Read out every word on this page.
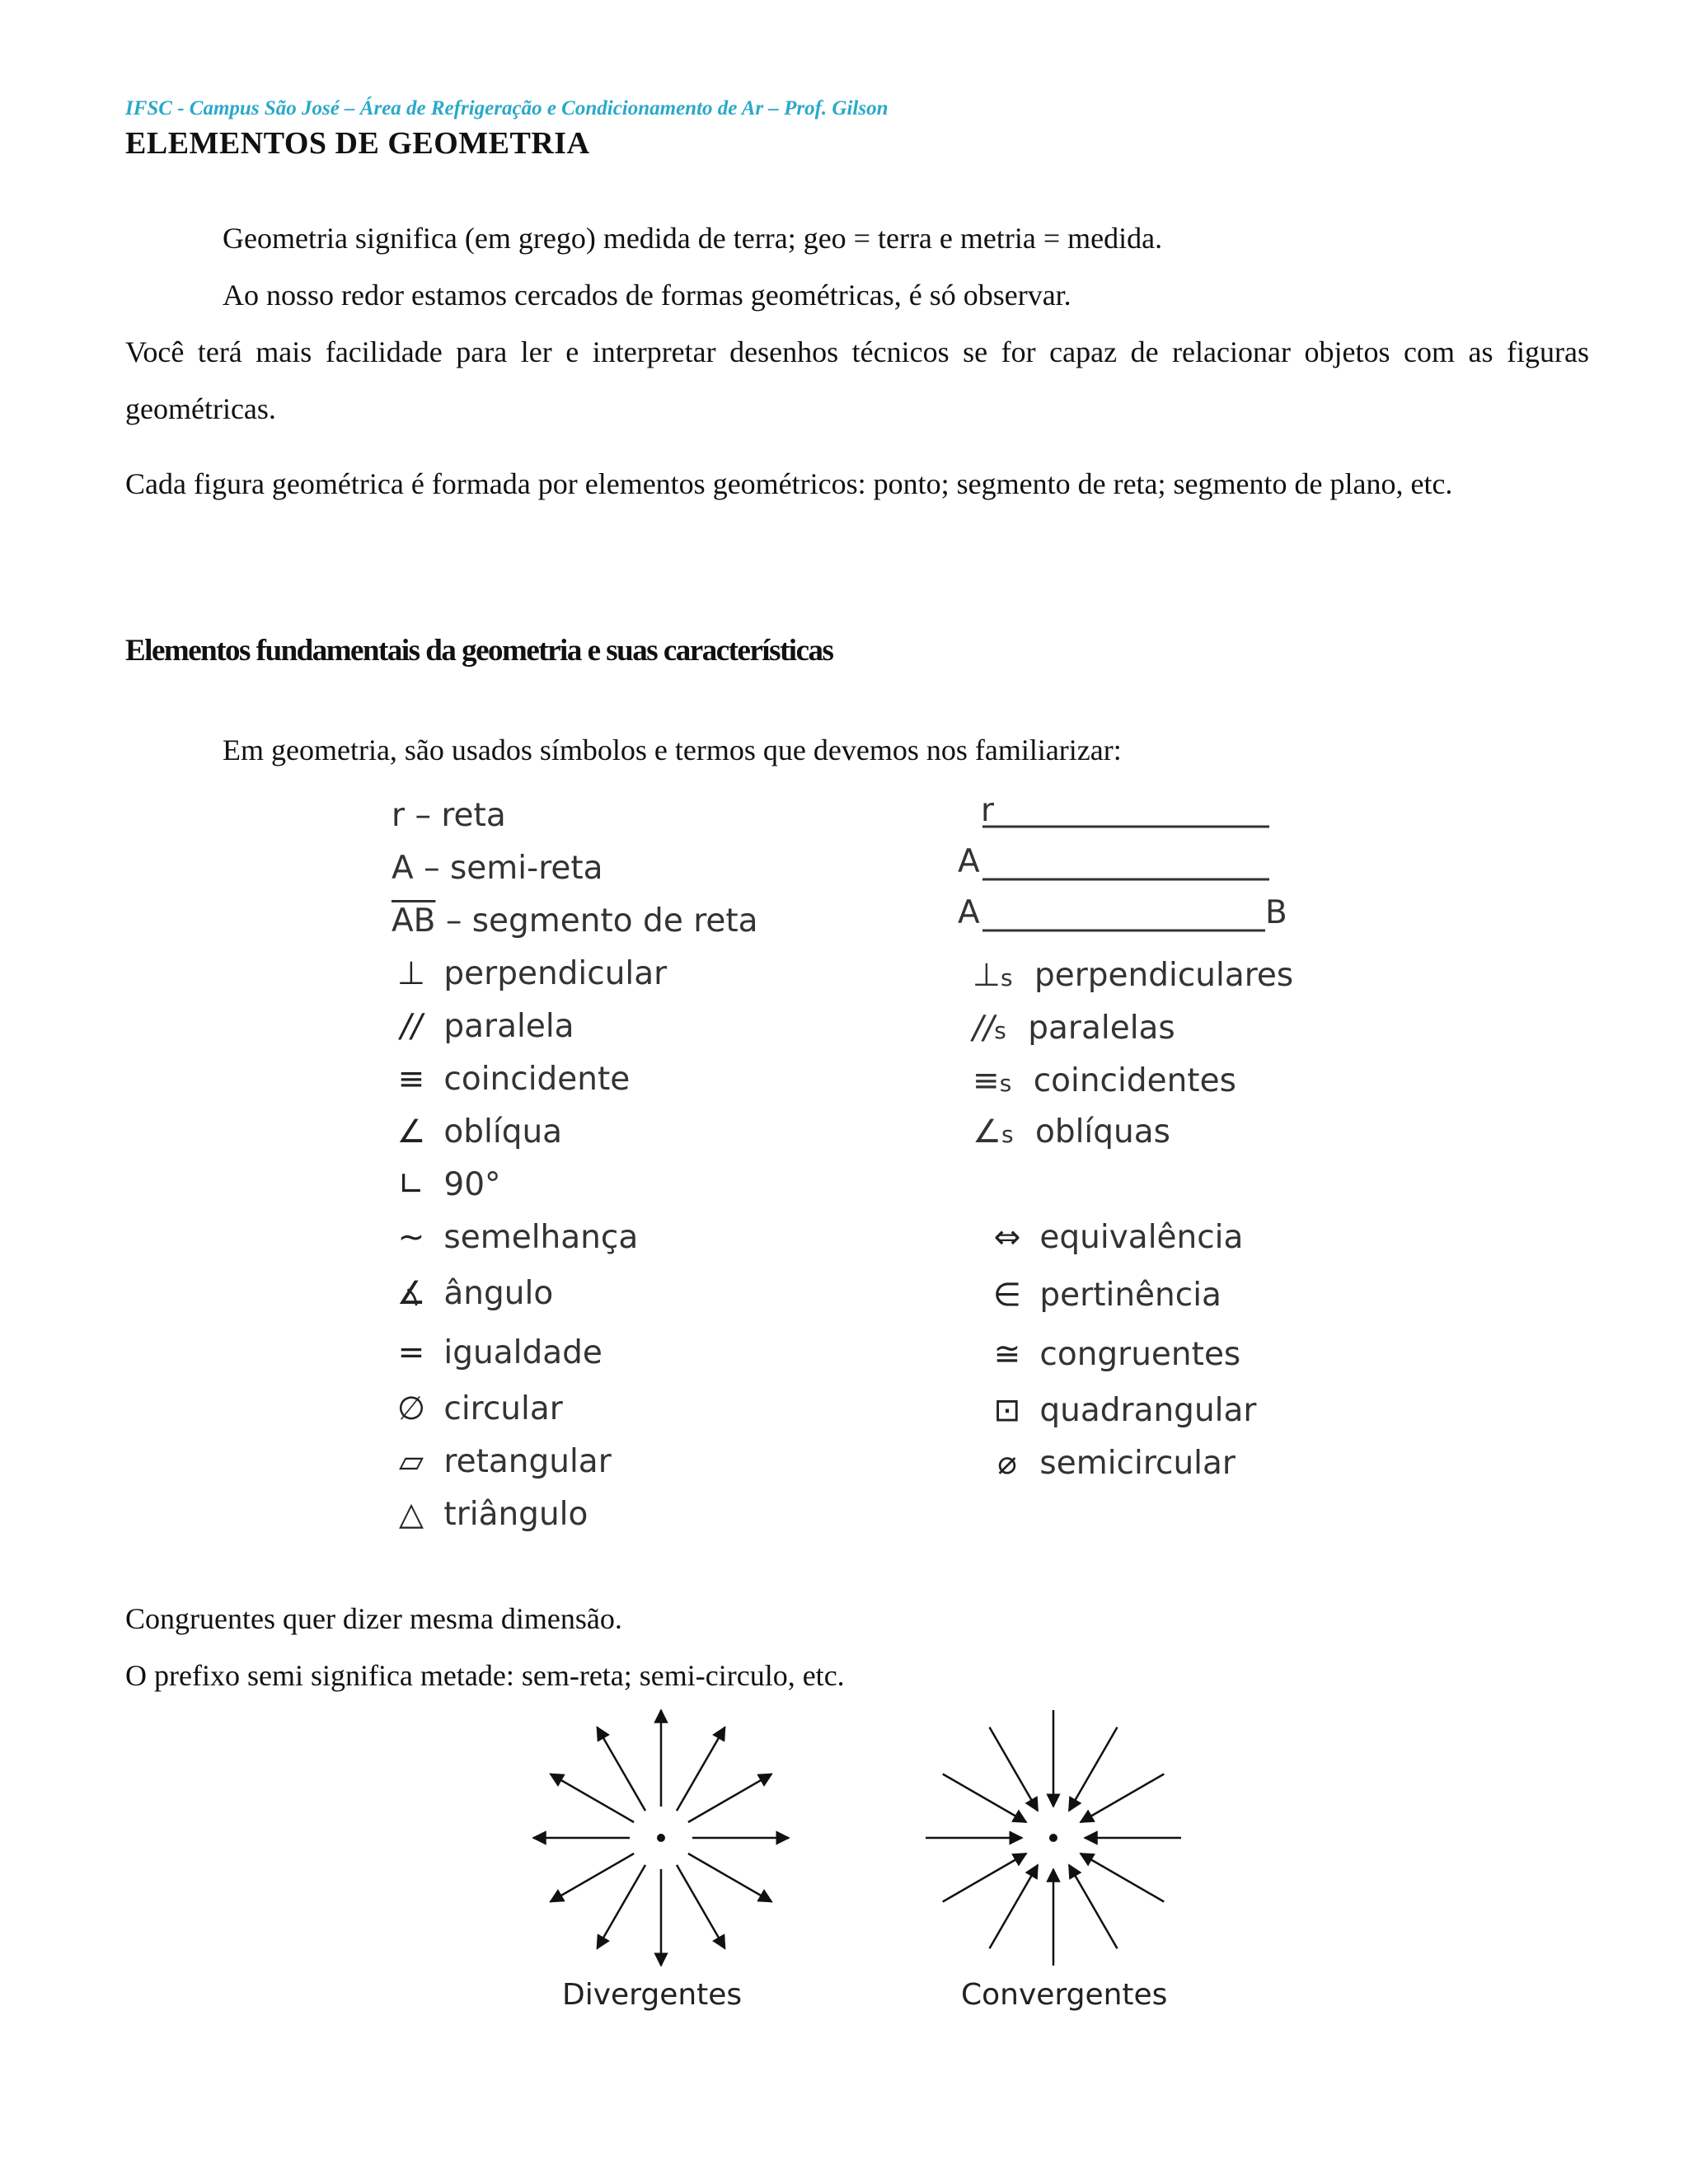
IFSC - Campus São José – Área de Refrigeração e Condicionamento de Ar – Prof. Gilson
ELEMENTOS DE GEOMETRIA
Geometria significa (em grego) medida de terra; geo = terra e metria = medida.
Ao nosso redor estamos cercados de formas geométricas, é só observar.
Você terá mais facilidade para ler e interpretar desenhos técnicos se for capaz de relacionar objetos com as figuras geométricas.
Cada figura geométrica é formada por elementos geométricos: ponto; segmento de reta; segmento de plano, etc.
Elementos fundamentais da geometria e suas características
Em geometria, são usados símbolos e termos que devemos nos familiarizar:
r – reta
A – semi-reta
$\overline{AB}$ – segmento de reta
⊥ perpendicular
// paralela
≡ coincidente
∠ oblíqua
∟ 90°
~ semelhança
∡ ângulo
= igualdade
∅ circular
▱ retangular
△ triângulo
r
A
A	B
⊥s perpendiculares
//s paralelas
≡s coincidentes
∠s oblíquas
⇔ equivalência
∈ pertinência
≅ congruentes
⊡ quadrangular
⌀ semicircular
Congruentes quer dizer mesma dimensão.
O prefixo semi significa metade: sem-reta; semi-circulo, etc.
Divergentes	Convergentes
